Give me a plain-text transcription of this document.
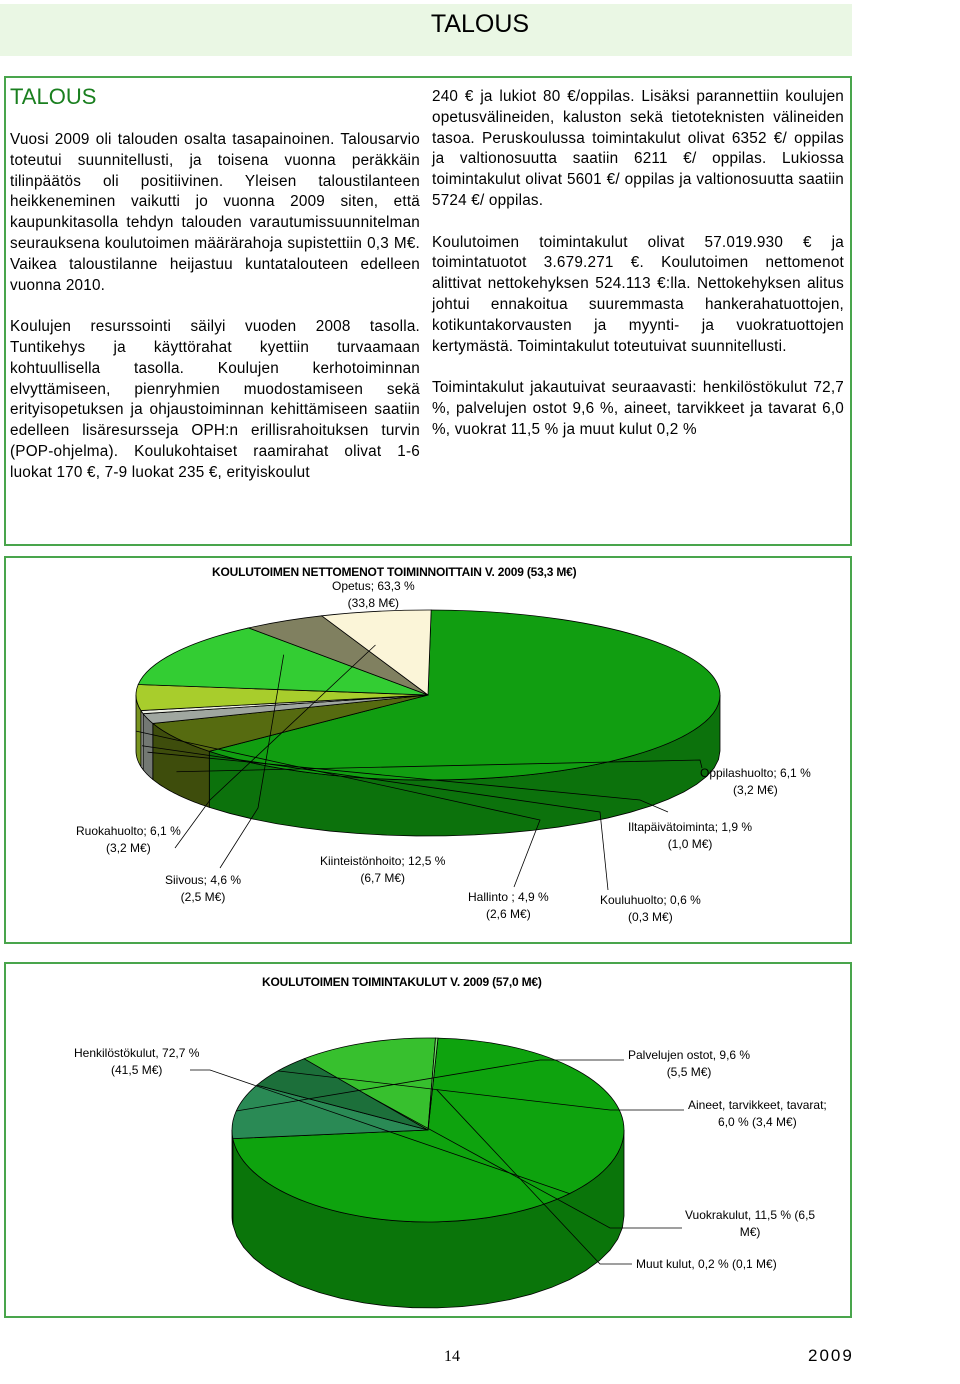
TALOUS
TALOUS

Vuosi 2009 oli talouden osalta tasapainoinen. Talousarvio toteutui suunnitellusti, ja toisena vuonna peräkkäin tilinpäätös oli positiivinen. Yleisen taloustilanteen heikkeneminen vaikutti jo vuonna 2009 siten, että kaupunkitasolla tehdyn talouden varautumissuunnitelman seurauksena koulutoimen määrärahoja supistettiin 0,3 M€. Vaikea taloustilanne heijastuu kuntatalouteen edelleen vuonna 2010.

Koulujen resurssointi säilyi vuoden 2008 tasolla. Tuntikehys ja käyttörahat kyettiin turvaamaan kohtuullisella tasolla. Koulujen kerhotoiminnan elvyttämiseen, pienryhmien muodostamiseen sekä erityisopetuksen ja ohjaustoiminnan kehittämiseen saatiin edelleen lisäresursseja OPH:n erillisrahoituksen turvin (POP-ohjelma). Koulukohtaiset raamirahat olivat 1-6 luokat 170 €, 7-9 luokat 235 €, erityiskoulut

240 € ja lukiot 80 €/oppilas. Lisäksi parannettiin koulujen opetusvälineiden, kaluston sekä tietoteknisten välineiden tasoa. Peruskoulussa toimintakulut olivat 6352 €/ oppilas ja valtionosuutta saatiin 6211 €/ oppilas. Lukiossa toimintakulut olivat 5601 €/ oppilas ja valtionosuutta saatiin 5724 €/ oppilas.

Koulutoimen toimintakulut olivat 57.019.930 € ja toimintatuotot 3.679.271 €. Koulutoimen nettomenot alittivat nettokehyksen 524.113 €:lla. Nettokehyksen alitus johtui ennakoitua suuremmasta hankerahatuottojen, kotikuntakorvausten ja myynti- ja vuokratuottojen kertymästä. Toimintakulut toteutuivat suunnitellusti.

Toimintakulut jakautuivat seuraavasti: henkilöstökulut 72,7 %, palvelujen ostot 9,6 %, aineet, tarvikkeet ja tavarat 6,0 %, vuokrat 11,5 % ja muut kulut 0,2 %

KOULUTOIMEN NETTOMENOT TOIMINNOITTAIN V. 2009 (53,3 M€)
Opetus; 63,3 %
(33,8 M€)
Oppilashuolto; 6,1 %
(3,2 M€)
Iltapäivätoiminta; 1,9 %
(1,0 M€)
Kouluhuolto; 0,6 %
(0,3 M€)
Hallinto ; 4,9 %
(2,6 M€)
Kiinteistönhoito; 12,5 %
(6,7 M€)
Siivous; 4,6 %
(2,5 M€)
Ruokahuolto; 6,1 %
(3,2 M€)
KOULUTOIMEN TOIMINTAKULUT V. 2009 (57,0 M€)
Henkilöstökulut, 72,7 %
(41,5 M€)
Palvelujen ostot, 9,6 %
(5,5 M€)
Aineet, tarvikkeet, tavarat;
6,0 % (3,4 M€)
Vuokrakulut, 11,5 % (6,5
M€)
Muut kulut, 0,2 % (0,1 M€)
14	2009
